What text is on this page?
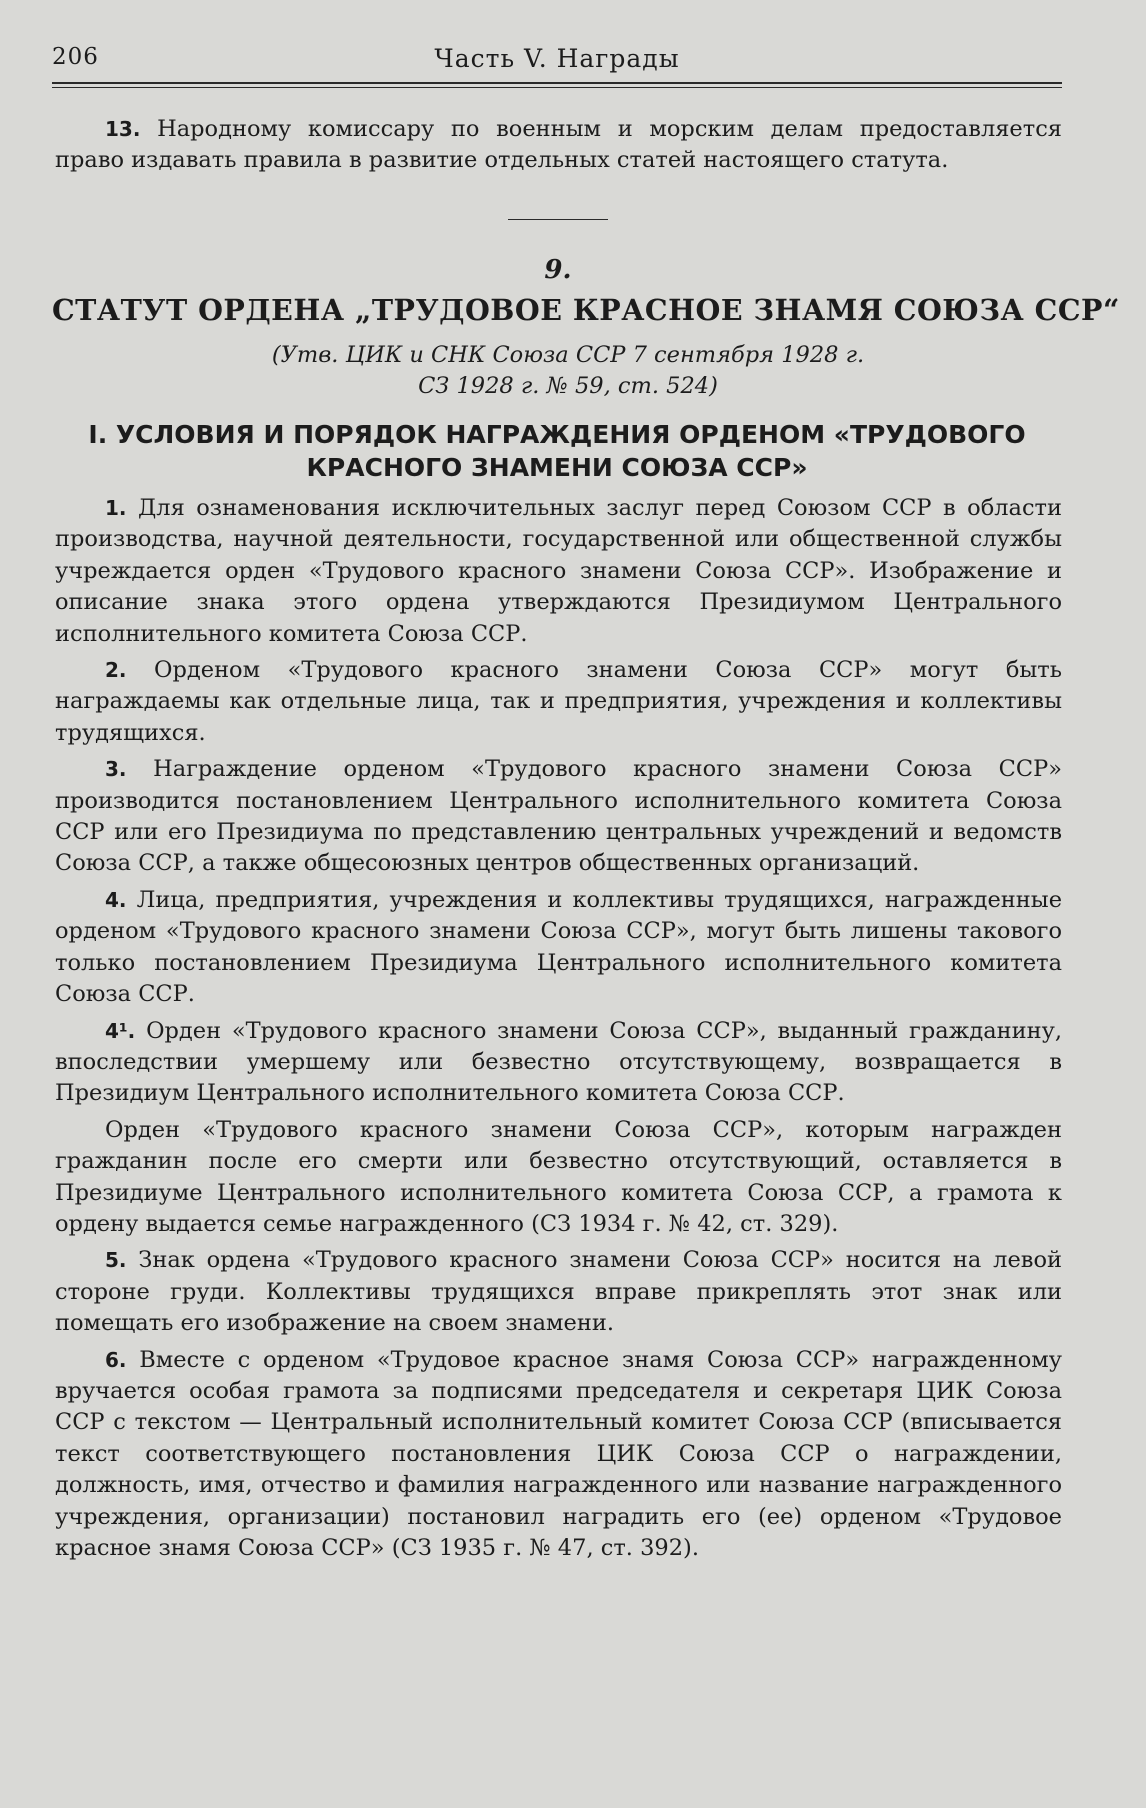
206	Часть V. Награды

13. Народному комиссару по военным и морским делам предоставляется право издавать правила в развитие отдельных статей настоящего статута.

9.
СТАТУТ ОРДЕНА „ТРУДОВОЕ КРАСНОЕ ЗНАМЯ СОЮЗА ССР“
(Утв. ЦИК и СНК Союза ССР 7 сентября 1928 г.
СЗ 1928 г. № 59, ст. 524)
I. УСЛОВИЯ И ПОРЯДОК НАГРАЖДЕНИЯ ОРДЕНОМ «ТРУДОВОГО
КРАСНОГО ЗНАМЕНИ СОЮЗА ССР»

1. Для ознаменования исключительных заслуг перед Союзом ССР в области производства, научной деятельности, государственной или общественной службы учреждается орден «Трудового красного знамени Союза ССР». Изображение и описание знака этого ордена утверждаются Президиумом Центрального исполнительного комитета Союза ССР.

2. Орденом «Трудового красного знамени Союза ССР» могут быть награждаемы как отдельные лица, так и предприятия, учреждения и коллективы трудящихся.

3. Награждение орденом «Трудового красного знамени Союза ССР» производится постановлением Центрального исполнительного комитета Союза ССР или его Президиума по представлению центральных учреждений и ведомств Союза ССР, а также общесоюзных центров общественных организаций.

4. Лица, предприятия, учреждения и коллективы трудящихся, награжденные орденом «Трудового красного знамени Союза ССР», могут быть лишены такового только постановлением Президиума Центрального исполнительного комитета Союза ССР.

4¹. Орден «Трудового красного знамени Союза ССР», выданный гражданину, впоследствии умершему или безвестно отсутствующему, возвращается в Президиум Центрального исполнительного комитета Союза ССР.

Орден «Трудового красного знамени Союза ССР», которым награжден гражданин после его смерти или безвестно отсутствующий, оставляется в Президиуме Центрального исполнительного комитета Союза ССР, а грамота к ордену выдается семье награжденного (СЗ 1934 г. № 42, ст. 329).

5. Знак ордена «Трудового красного знамени Союза ССР» носится на левой стороне груди. Коллективы трудящихся вправе прикреплять этот знак или помещать его изображение на своем знамени.

6. Вместе с орденом «Трудовое красное знамя Союза ССР» награжденному вручается особая грамота за подписями председателя и секретаря ЦИК Союза ССР с текстом — Центральный исполнительный комитет Союза ССР (вписывается текст соответствующего постановления ЦИК Союза ССР о награждении, должность, имя, отчество и фамилия награжденного или название награжденного учреждения, организации) постановил наградить его (ее) орденом «Трудовое красное знамя Союза ССР» (СЗ 1935 г. № 47, ст. 392).
